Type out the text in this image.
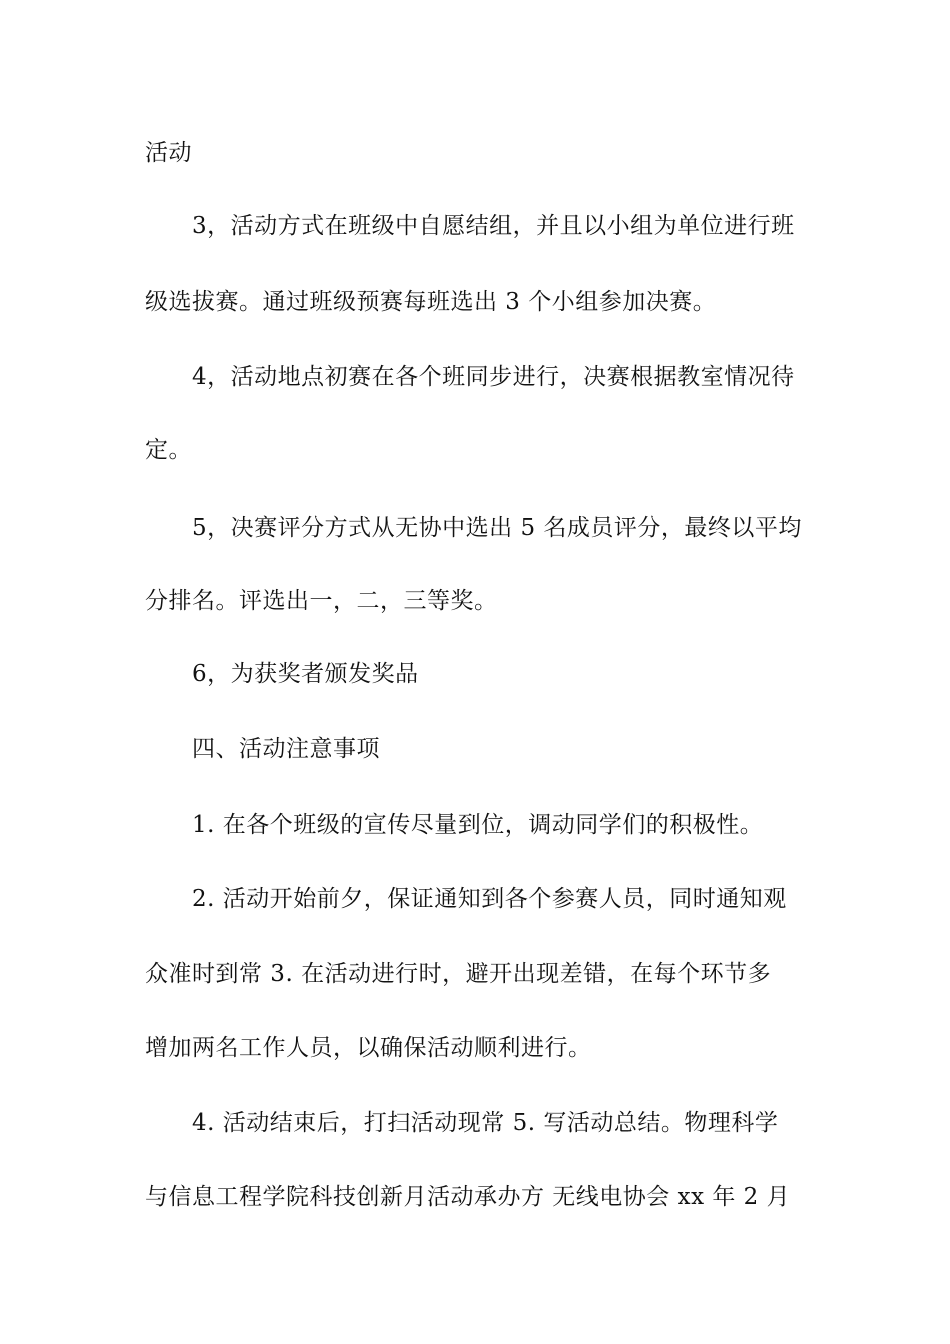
活动
3，活动方式在班级中自愿结组，并且以小组为单位进行班
级选拔赛。通过班级预赛每班选出 3 个小组参加决赛。
4，活动地点初赛在各个班同步进行，决赛根据教室情况待
定。
5，决赛评分方式从无协中选出 5 名成员评分，最终以平均
分排名。评选出一，二，三等奖。
6，为获奖者颁发奖品
四、活动注意事项
1. 在各个班级的宣传尽量到位，调动同学们的积极性。
2. 活动开始前夕，保证通知到各个参赛人员，同时通知观
众准时到常 3. 在活动进行时，避开出现差错，在每个环节多
增加两名工作人员，以确保活动顺利进行。
4. 活动结束后，打扫活动现常 5. 写活动总结。物理科学
与信息工程学院科技创新月活动承办方 无线电协会 xx 年 2 月
